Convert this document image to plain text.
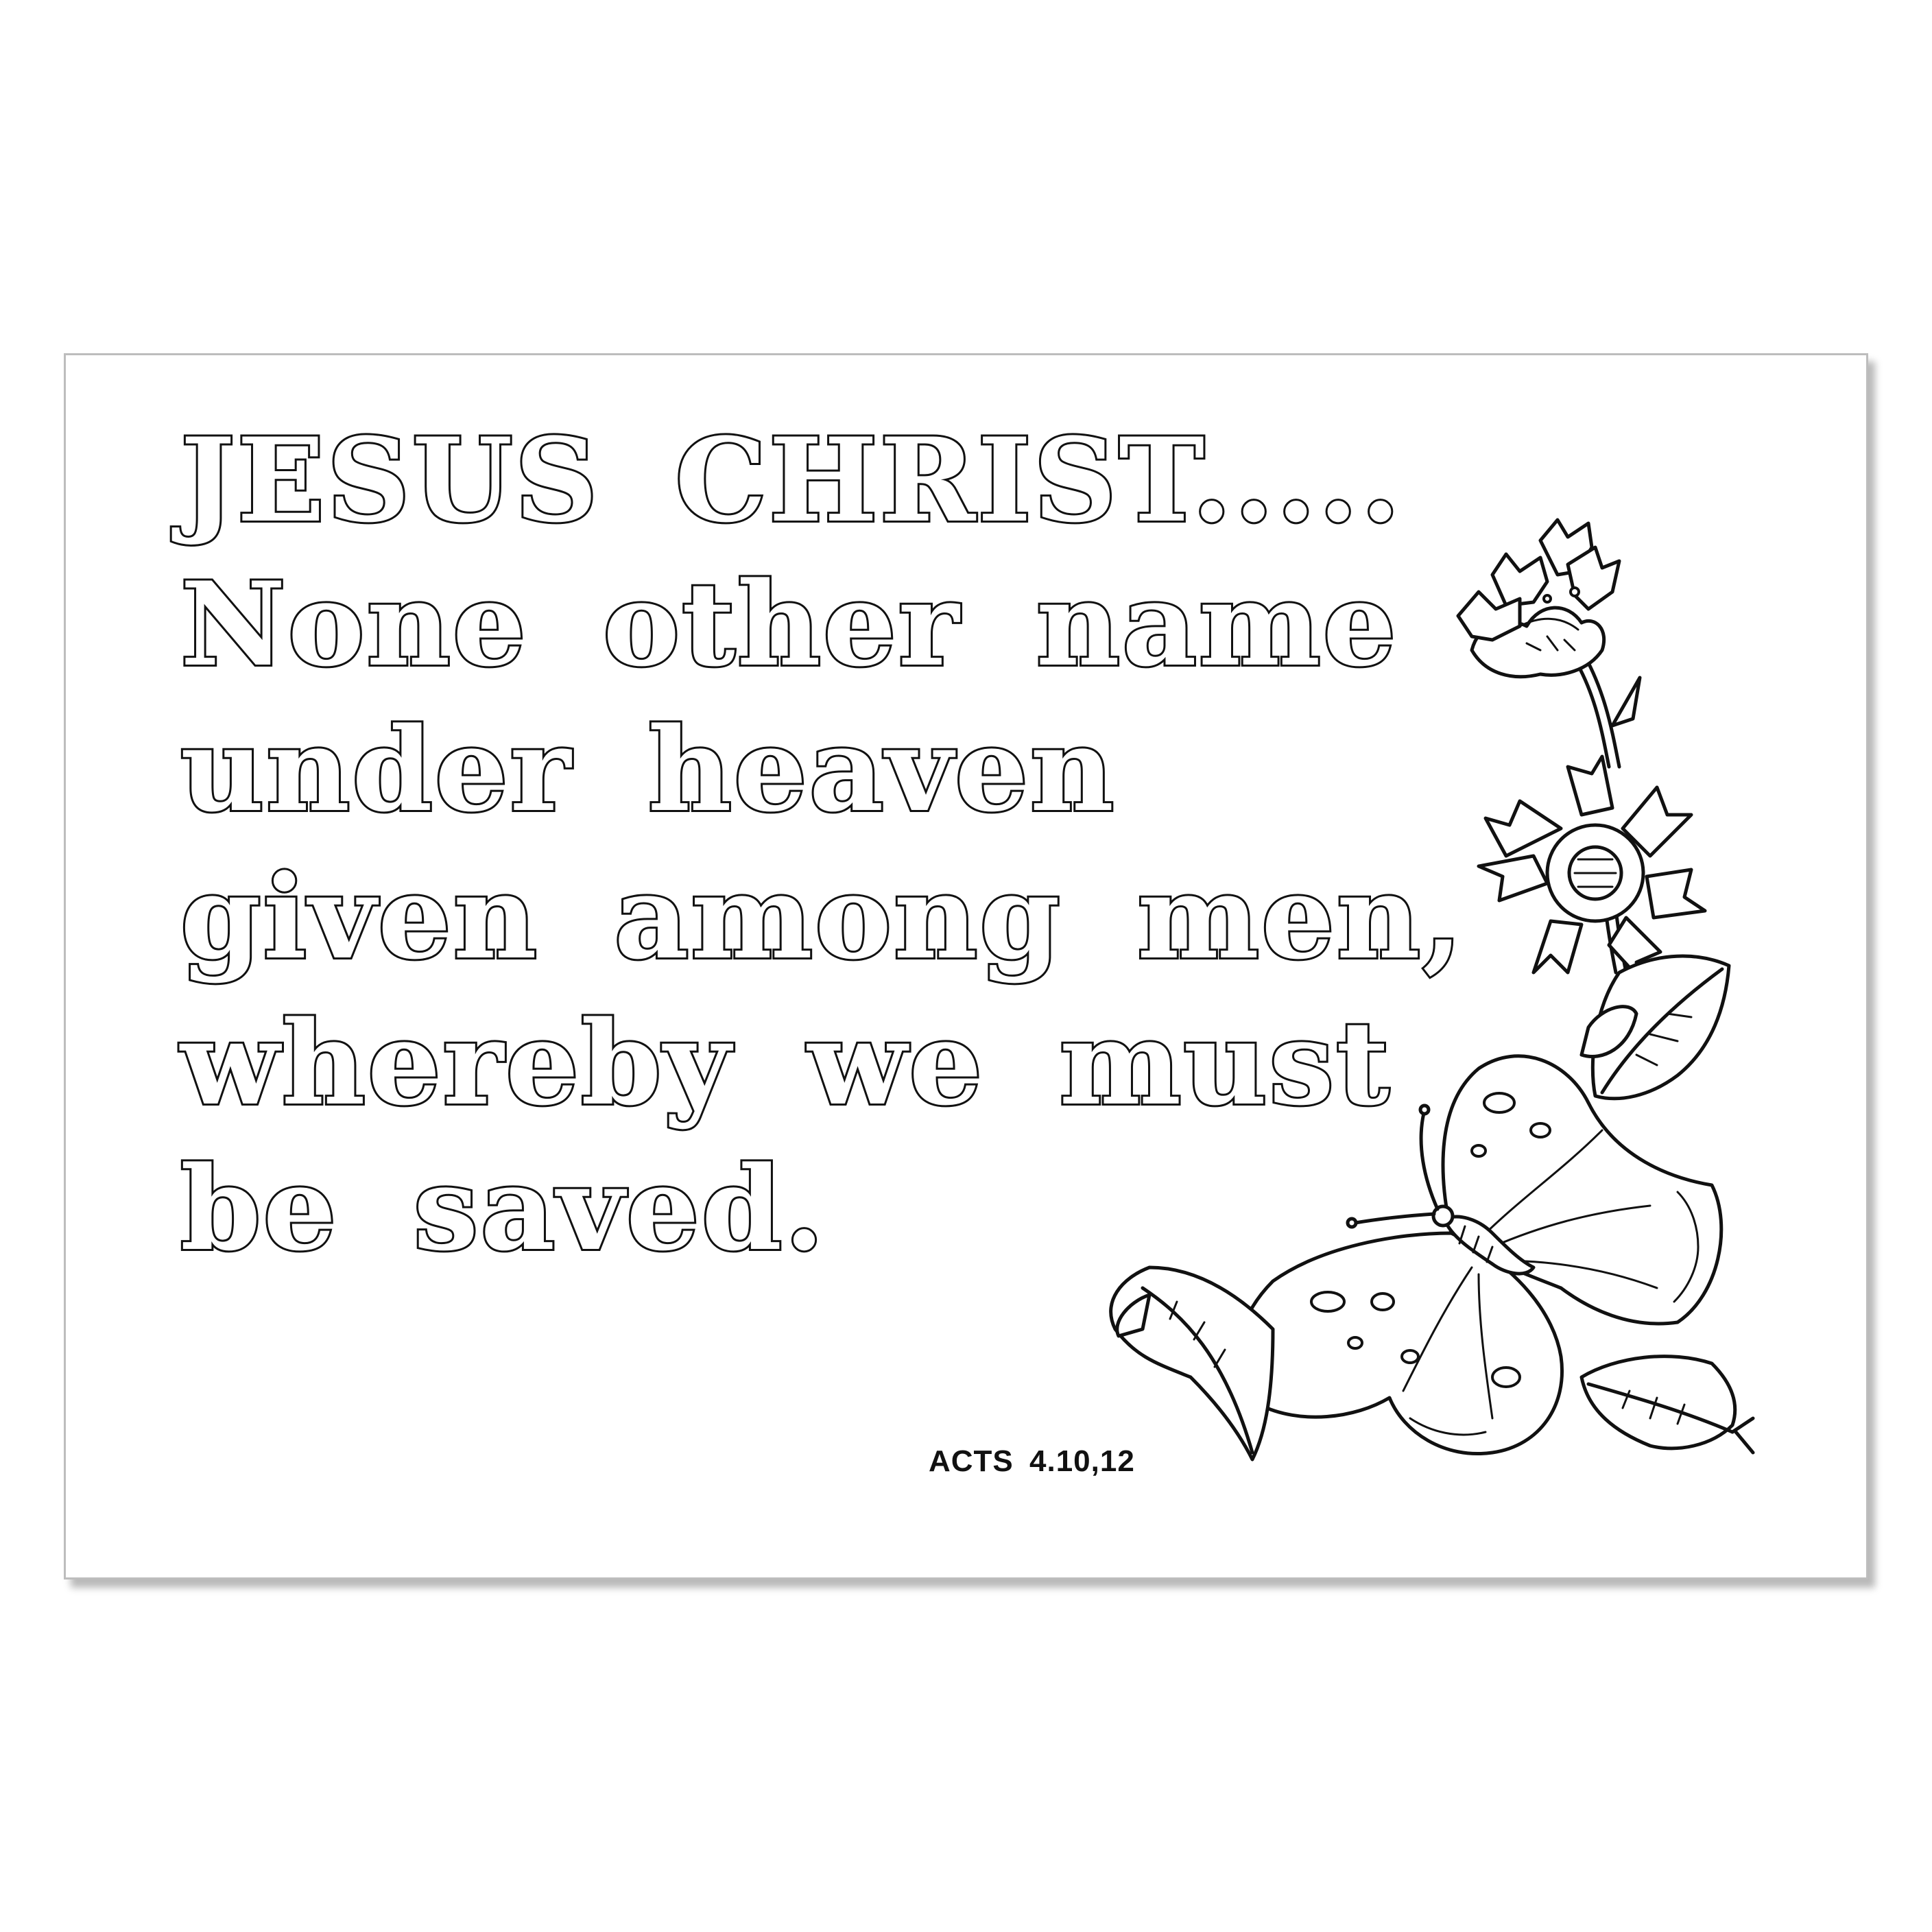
JESUS CHRIST.....

None other name

under heaven

given among men,

whereby we must

be saved.

ACTS 4.10,12
